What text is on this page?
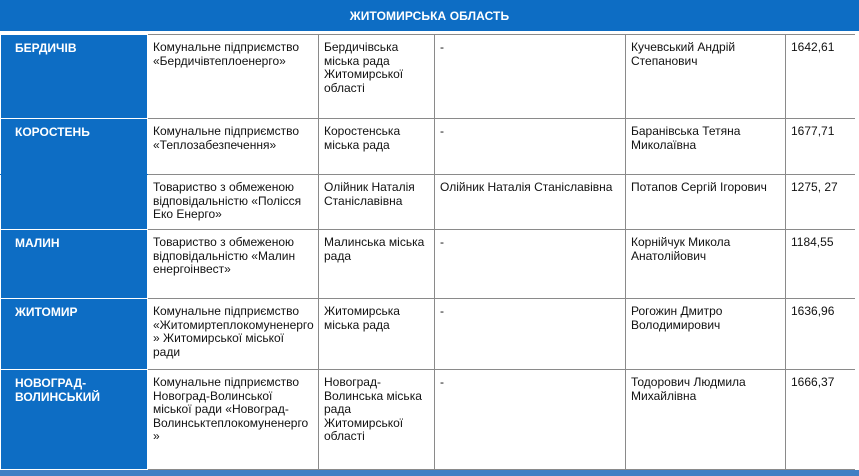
ЖИТОМИРСЬКА ОБЛАСТЬ
БЕРДИЧІВ	Комунальне підприємство «Бердичівтеплоенерго»	Бердичівська міська рада Житомирської області	-	Кучевський Андрій Степанович	1642,61
КОРОСТЕНЬ	Комунальне підприємство «Теплозабезпечення»	Коростенська міська рада	-	Баранівська Тетяна Миколаївна	1677,71
	Товариство з обмеженою відповідальністю «Полісся Еко Енерго»	Олійник Наталія Станіславівна	Олійник Наталія Станіславівна	Потапов Сергій Ігорович	1275, 27
МАЛИН	Товариство з обмеженою відповідальністю «Малин енергоінвест»	Малинська міська рада	-	Корнійчук Микола Анатолійович	1184,55
ЖИТОМИР	Комунальне підприємство «Житомиртеплокомуненерго» Житомирської міської ради	Житомирська міська рада	-	Рогожин Дмитро Володимирович	1636,96
НОВОГРАД-ВОЛИНСЬКИЙ	Комунальне підприємство Новоград-Волинської міської ради «Новоград-Волинськтеплокомуненерго»	Новоград-Волинська міська рада Житомирської області	-	Тодорович Людмила Михайлівна	1666,37
